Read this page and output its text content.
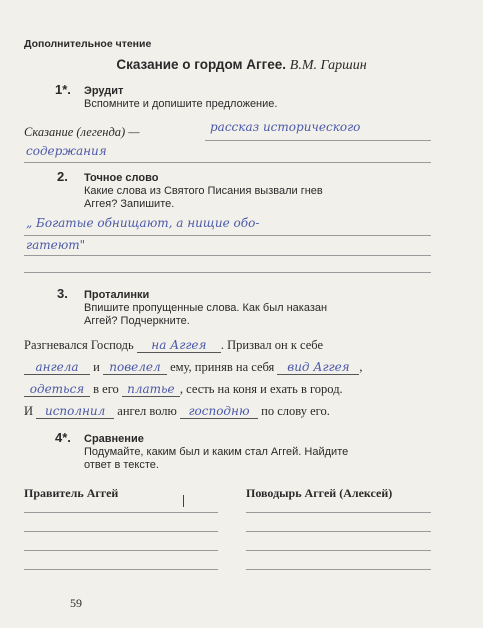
Дополнительное чтение
Сказание о гордом Аггее. В.М. Гаршин
1*. Эрудит
Вспомните и допишите предложение.
Сказание (легенда) —	рассказ исторического
содержания
2. Точное слово
Какие слова из Святого Писания вызвали гнев
Аггея? Запишите.
„ Богатые обнищают, а нищие обо-
гатеют"
3. Проталинки
Впишите пропущенные слова. Как был наказан
Аггей? Подчеркните.
Разгневался Господь на Аггея . Призвал он к себе
ангела и повелел ему, приняв на себя вид Аггея ,
одеться в его платье , сесть на коня и ехать в город.
И исполнил ангел волю господню по слову его.
4*. Сравнение
Подумайте, каким был и каким стал Аггей. Найдите
ответ в тексте.
Правитель Аггей	Поводырь Аггей (Алексей)
59
